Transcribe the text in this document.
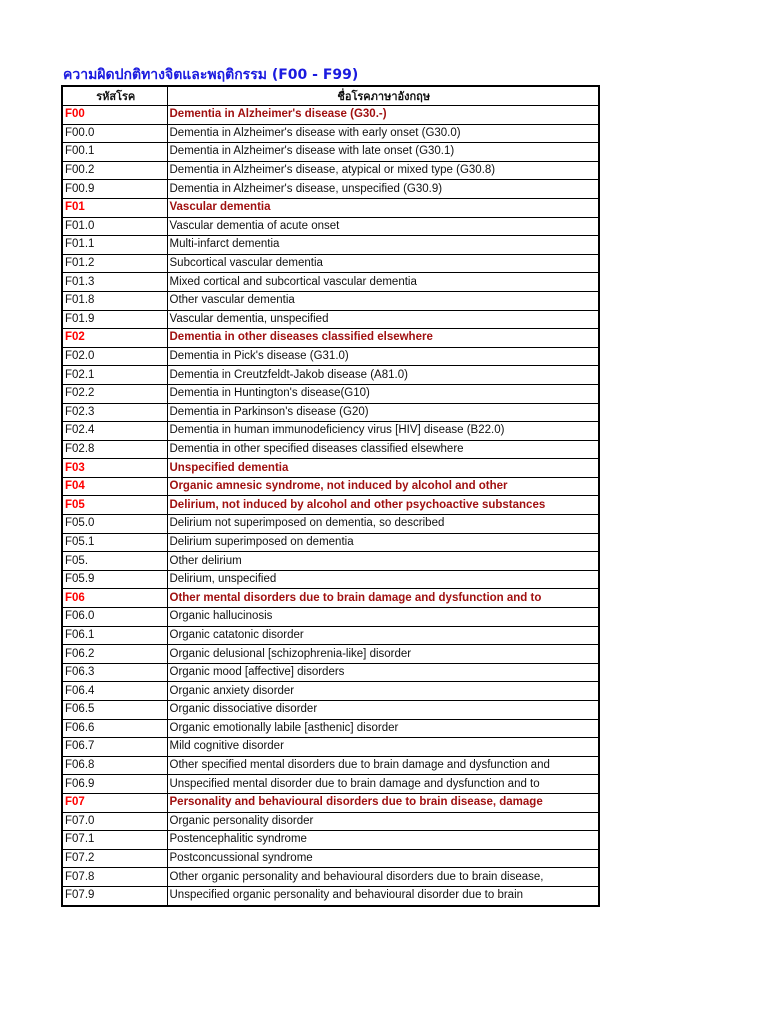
ความผิดปกติทางจิตและพฤติกรรม (F00 - F99)
รหัสโรค	ชื่อโรคภาษาอังกฤษ
F00	Dementia in Alzheimer's disease (G30.-)
F00.0	Dementia in Alzheimer's disease with early onset (G30.0)
F00.1	Dementia in Alzheimer's disease with late onset (G30.1)
F00.2	Dementia in Alzheimer's disease, atypical or mixed type (G30.8)
F00.9	Dementia in Alzheimer's disease, unspecified (G30.9)
F01	Vascular dementia
F01.0	Vascular dementia of acute onset
F01.1	Multi-infarct dementia
F01.2	Subcortical vascular dementia
F01.3	Mixed cortical and subcortical vascular dementia
F01.8	Other vascular dementia
F01.9	Vascular dementia, unspecified
F02	Dementia in other diseases classified elsewhere
F02.0	Dementia in Pick's disease (G31.0)
F02.1	Dementia in Creutzfeldt-Jakob disease (A81.0)
F02.2	Dementia in Huntington's disease(G10)
F02.3	Dementia in Parkinson's disease (G20)
F02.4	Dementia in human immunodeficiency virus [HIV] disease (B22.0)
F02.8	Dementia in other specified diseases classified elsewhere
F03	Unspecified dementia
F04	Organic amnesic syndrome, not induced by alcohol and other
F05	Delirium, not induced by alcohol and other psychoactive substances
F05.0	Delirium not superimposed on dementia, so described
F05.1	Delirium superimposed on dementia
F05.	Other delirium
F05.9	Delirium, unspecified
F06	Other mental disorders due to brain damage and dysfunction and to
F06.0	Organic hallucinosis
F06.1	Organic catatonic disorder
F06.2	Organic delusional [schizophrenia-like] disorder
F06.3	Organic mood [affective] disorders
F06.4	Organic anxiety disorder
F06.5	Organic dissociative disorder
F06.6	Organic emotionally labile [asthenic] disorder
F06.7	Mild cognitive disorder
F06.8	Other specified mental disorders due to brain damage and dysfunction and
F06.9	Unspecified mental disorder due to brain damage and dysfunction and to
F07	Personality and behavioural disorders due to brain disease, damage
F07.0	Organic personality disorder
F07.1	Postencephalitic syndrome
F07.2	Postconcussional syndrome
F07.8	Other organic personality and behavioural disorders due to brain disease,
F07.9	Unspecified organic personality and behavioural disorder due to brain
